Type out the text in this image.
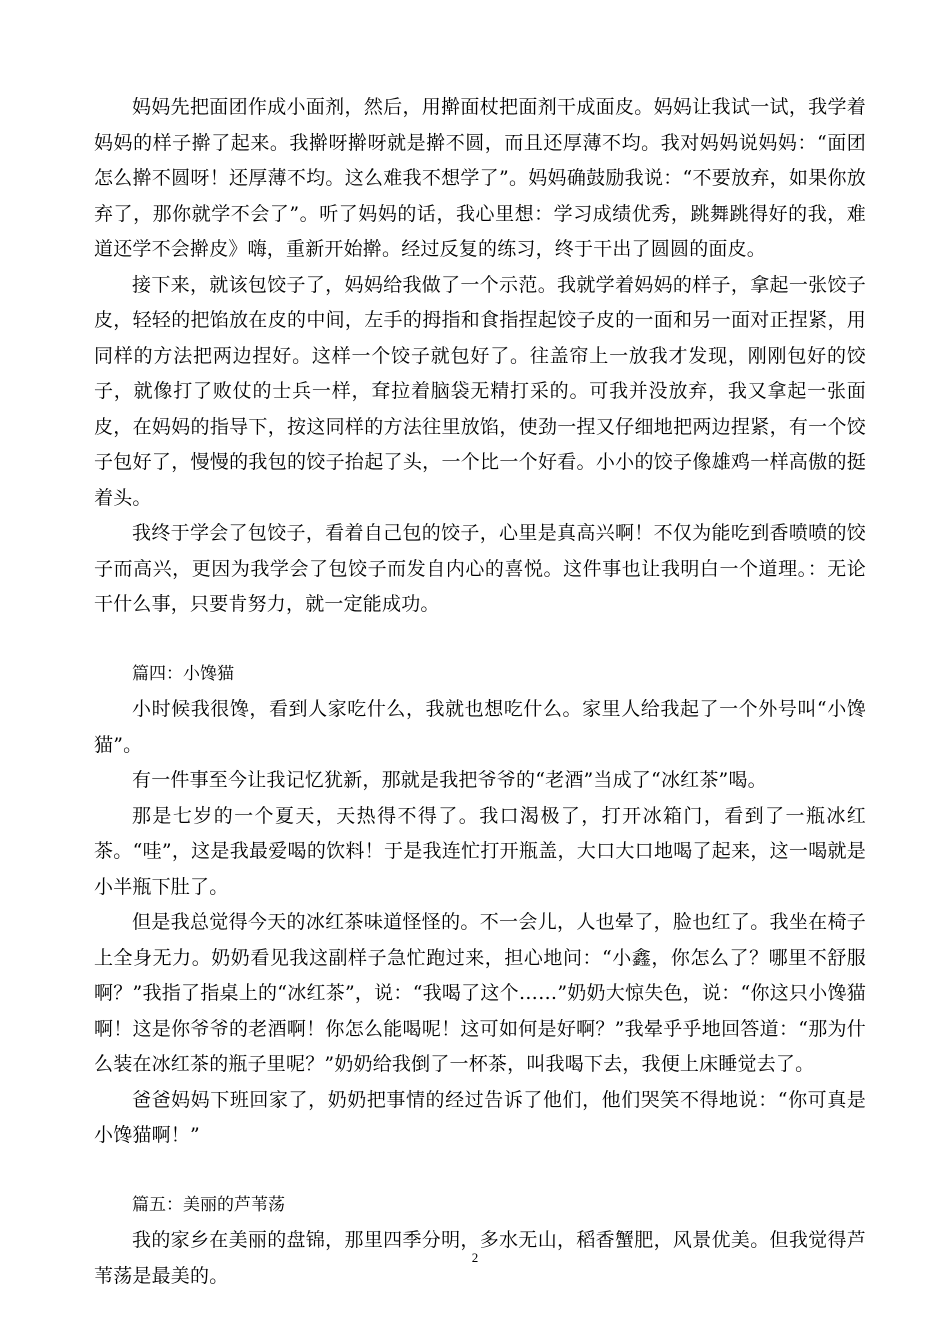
妈妈先把面团作成小面剂，然后，用擀面杖把面剂干成面皮。妈妈让我试一试，我学着妈妈的样子擀了起来。我擀呀擀呀就是擀不圆，而且还厚薄不均。我对妈妈说妈妈：“面团怎么擀不圆呀！还厚薄不均。这么难我不想学了”。妈妈确鼓励我说：“不要放弃，如果你放弃了，那你就学不会了”。听了妈妈的话，我心里想：学习成绩优秀，跳舞跳得好的我，难道还学不会擀皮》嗨，重新开始擀。经过反复的练习，终于干出了圆圆的面皮。

接下来，就该包饺子了，妈妈给我做了一个示范。我就学着妈妈的样子，拿起一张饺子皮，轻轻的把馅放在皮的中间，左手的拇指和食指捏起饺子皮的一面和另一面对正捏紧，用同样的方法把两边捏好。这样一个饺子就包好了。往盖帘上一放我才发现，刚刚包好的饺子，就像打了败仗的士兵一样，耷拉着脑袋无精打采的。可我并没放弃，我又拿起一张面皮，在妈妈的指导下，按这同样的方法往里放馅，使劲一捏又仔细地把两边捏紧，有一个饺子包好了，慢慢的我包的饺子抬起了头，一个比一个好看。小小的饺子像雄鸡一样高傲的挺着头。

我终于学会了包饺子，看着自己包的饺子，心里是真高兴啊！不仅为能吃到香喷喷的饺子而高兴，更因为我学会了包饺子而发自内心的喜悦。这件事也让我明白一个道理。：无论干什么事，只要肯努力，就一定能成功。

篇四：小馋猫

小时候我很馋，看到人家吃什么，我就也想吃什么。家里人给我起了一个外号叫“小馋猫”。

有一件事至今让我记忆犹新，那就是我把爷爷的“老酒”当成了“冰红茶”喝。

那是七岁的一个夏天，天热得不得了。我口渴极了，打开冰箱门，看到了一瓶冰红茶。“哇”，这是我最爱喝的饮料！于是我连忙打开瓶盖，大口大口地喝了起来，这一喝就是小半瓶下肚了。

但是我总觉得今天的冰红茶味道怪怪的。不一会儿，人也晕了，脸也红了。我坐在椅子上全身无力。奶奶看见我这副样子急忙跑过来，担心地问：“小鑫，你怎么了？哪里不舒服啊？”我指了指桌上的“冰红茶”，说：“我喝了这个……”奶奶大惊失色，说：“你这只小馋猫啊！这是你爷爷的老酒啊！你怎么能喝呢！这可如何是好啊？”我晕乎乎地回答道：“那为什么装在冰红茶的瓶子里呢？”奶奶给我倒了一杯茶，叫我喝下去，我便上床睡觉去了。

爸爸妈妈下班回家了，奶奶把事情的经过告诉了他们，他们哭笑不得地说：“你可真是小馋猫啊！”

篇五：美丽的芦苇荡

我的家乡在美丽的盘锦，那里四季分明，多水无山，稻香蟹肥，风景优美。但我觉得芦苇荡是最美的。

2
